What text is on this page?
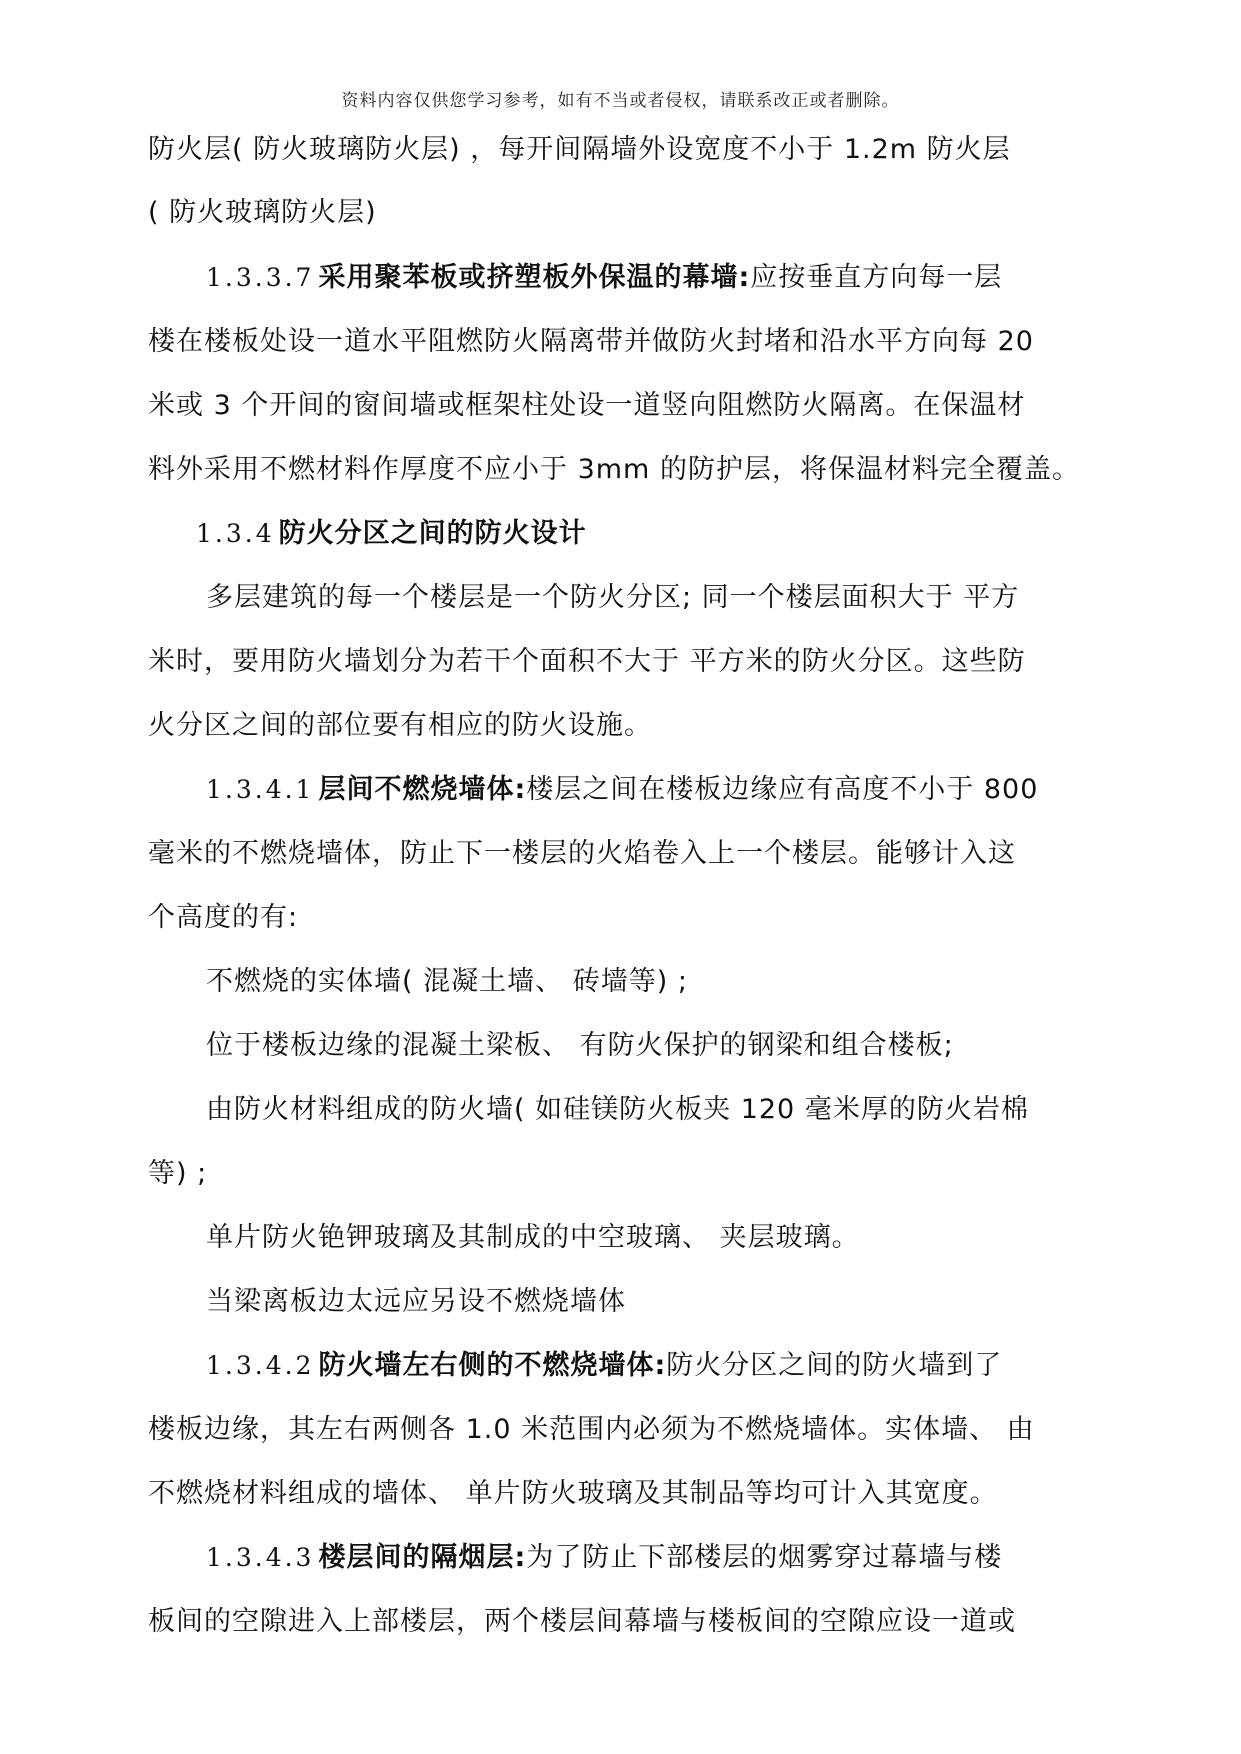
资料内容仅供您学习参考，如有不当或者侵权，请联系改正或者删除。
防火层( 防火玻璃防火层) ，每开间隔墙外设宽度不小于 1.2m 防火层
( 防火玻璃防火层)
1.3.3.7 采用聚苯板或挤塑板外保温的幕墙:应按垂直方向每一层
楼在楼板处设一道水平阻燃防火隔离带并做防火封堵和沿水平方向每 20
米或 3 个开间的窗间墙或框架柱处设一道竖向阻燃防火隔离。在保温材
料外采用不燃材料作厚度不应小于 3mm 的防护层，将保温材料完全覆盖。
1.3.4 防火分区之间的防火设计
多层建筑的每一个楼层是一个防火分区; 同一个楼层面积大于 平方
米时，要用防火墙划分为若干个面积不大于 平方米的防火分区。这些防
火分区之间的部位要有相应的防火设施。
1.3.4.1 层间不燃烧墙体:楼层之间在楼板边缘应有高度不小于 800
毫米的不燃烧墙体，防止下一楼层的火焰卷入上一个楼层。能够计入这
个高度的有:
不燃烧的实体墙( 混凝土墙、 砖墙等) ;
位于楼板边缘的混凝土梁板、 有防火保护的钢梁和组合楼板;
由防火材料组成的防火墙( 如硅镁防火板夹 120 毫米厚的防火岩棉
等) ;
单片防火铯钾玻璃及其制成的中空玻璃、 夹层玻璃。
当梁离板边太远应另设不燃烧墙体
1.3.4.2 防火墙左右侧的不燃烧墙体:防火分区之间的防火墙到了
楼板边缘，其左右两侧各 1.0 米范围内必须为不燃烧墙体。实体墙、 由
不燃烧材料组成的墙体、 单片防火玻璃及其制品等均可计入其宽度。
1.3.4.3 楼层间的隔烟层:为了防止下部楼层的烟雾穿过幕墙与楼
板间的空隙进入上部楼层，两个楼层间幕墙与楼板间的空隙应设一道或
